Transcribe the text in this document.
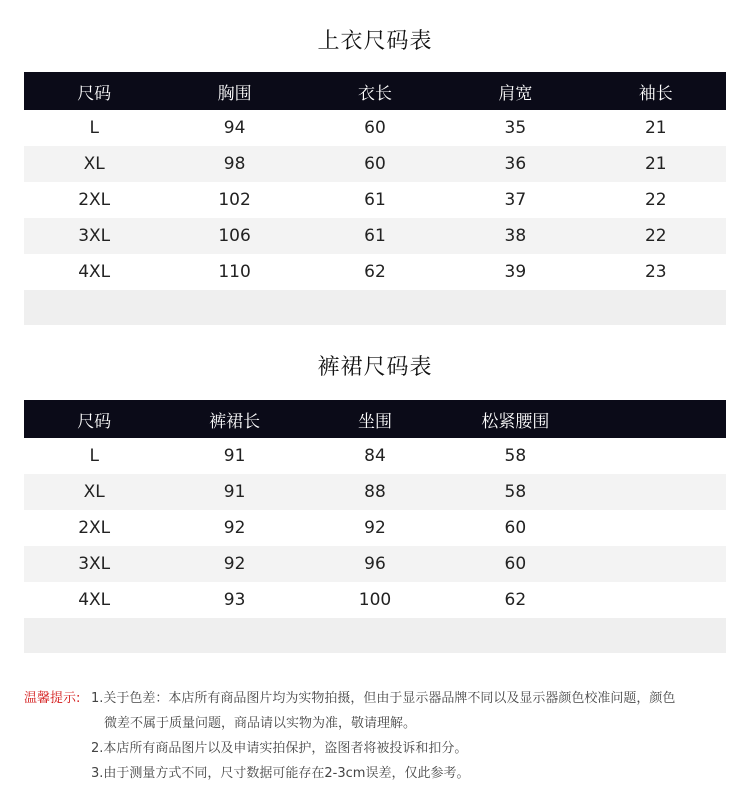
上衣尺码表
尺码	胸围	衣长	肩宽	袖长
L	94	60	35	21
XL	98	60	36	21
2XL	102	61	37	22
3XL	106	61	38	22
4XL	110	62	39	23

裤裙尺码表
尺码	裤裙长	坐围	松紧腰围	
L	91	84	58	
XL	91	88	58	
2XL	92	92	60	
3XL	92	96	60	
4XL	93	100	62	

温馨提示: 1.关于色差：本店所有商品图片均为实物拍摄，但由于显示器品牌不同以及显示器颜色校准问题，颜色
微差不属于质量问题，商品请以实物为准，敬请理解。
2.本店所有商品图片以及申请实拍保护，盗图者将被投诉和扣分。
3.由于测量方式不同，尺寸数据可能存在2-3cm误差，仅此参考。
